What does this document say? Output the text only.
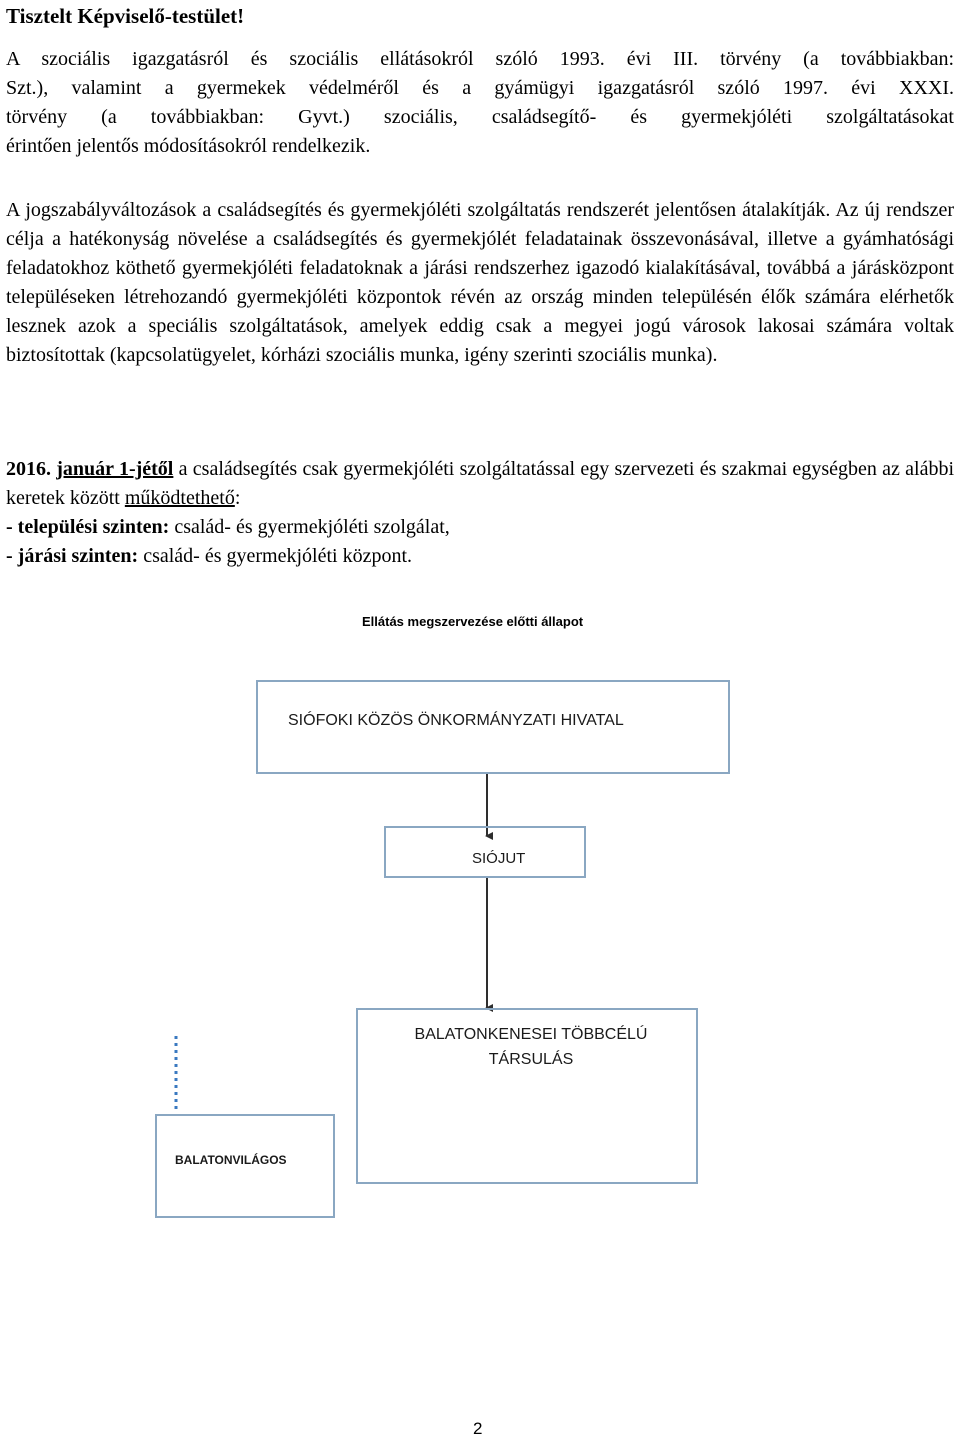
Tisztelt Képviselő-testület!
A szociális igazgatásról és szociális ellátásokról szóló 1993. évi III. törvény (a továbbiakban:
Szt.), valamint a gyermekek védelméről és a gyámügyi igazgatásról szóló 1997. évi XXXI.
törvény (a továbbiakban: Gyvt.) szociális, családsegítő- és gyermekjóléti szolgáltatásokat
érintően jelentős módosításokról rendelkezik.
A jogszabályváltozások a családsegítés és gyermekjóléti szolgáltatás rendszerét jelentősen átalakítják. Az új rendszer célja a hatékonyság növelése a családsegítés és gyermekjólét feladatainak összevonásával, illetve a gyámhatósági feladatokhoz köthető gyermekjóléti feladatoknak a járási rendszerhez igazodó kialakításával, továbbá a járásközpont településeken létrehozandó gyermekjóléti központok révén az ország minden településén élők számára elérhetők lesznek azok a speciális szolgáltatások, amelyek eddig csak a megyei jogú városok lakosai számára voltak biztosítottak (kapcsolatügyelet, kórházi szociális munka, igény szerinti szociális munka).
2016. január 1-jétől a családsegítés csak gyermekjóléti szolgáltatással egy szervezeti és szakmai egységben az alábbi keretek között működtethető:
- települési szinten: család- és gyermekjóléti szolgálat,
- járási szinten: család- és gyermekjóléti központ.
Ellátás megszervezése előtti állapot
SIÓFOKI KÖZÖS ÖNKORMÁNYZATI HIVATAL
SIÓJUT
BALATONKENESEI TÖBBCÉLÚ
TÁRSULÁS
BALATONVILÁGOS
2
